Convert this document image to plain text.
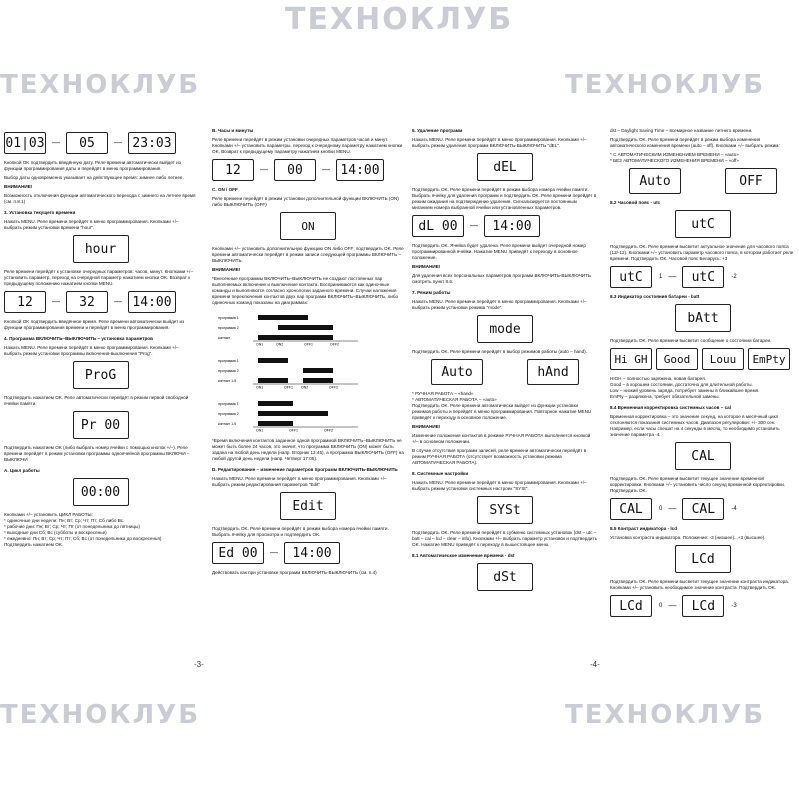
ТЕХНОКЛУБ
ТЕХНОКЛУБ	ТЕХНОКЛУБ
ТЕХНОКЛУБ	ТЕХНОКЛУБ
01|03 —	05	— 23:03

Кнопкой OK подтвердить введённую дату. Реле времени автоматически выйдет из функции программирования даты и перейдёт в меню программирования.

Выбор даты одновременно указывает на действующее время: зимнее либо летнее.

ВНИМАНИЕ!

Возможность отключения функции автоматического перехода с зимнего на летнее время (см. п.8.1)

3. Установка текущего времени

Нажать MENU. Реле времени перейдёт в меню программирования. Кнопками +/– выбрать режим установки времени "hour".

hour

Реле времени перейдёт к установке очередных параметров: часов, минут. Кнопками +/– установить параметр, переход на очередной параметр нажатием кнопки OK. Возврат к предыдущему положению нажатием кнопки MENU.

12	—	32	— 14:00

Кнопкой OK подтвердить введённое время. Реле времени автоматически выйдет из функции программирования времени и перейдёт в меню программирования.

4. Программа ВКЛЮЧИТЬ–ВЫКЛЮЧИТЬ – установка параметров

Нажать MENU. Реле времени перейдёт в меню программирования. Кнопками +/– выбрать режим установки программы включения-выключения "Prog".

ProG

Подтвердить нажатием OK. Реле автоматически перейдёт в режим первой свободной ячейки памяти.

Pr 00

Подтвердить нажатием OK (либо выбрать номер ячейки с помощью кнопок +/–). Реле времени перейдёт в режим установки программы одноячейной программы ВКЛЮЧИ – ВЫКЛЮЧИ

A. Цикл работы

00:00

Кнопками +/– установить ЦИКЛ РАБОТЫ:

* одиночные дни недели: Пн; Вт; Ср; Чт; Пт; Сб либо Вс.

* рабочие дни: Пн; Вт; Ср; Чт; Пт (от понедельника до пятницы)

* выходные дни Сб; Вс (субботы и воскресенье)

* ежедневно: Пн; Вт; Ср; Чт; Пт; Сб; Вс (от понедельника до воскресенья)

Подтвердить нажатием OK.

B. Часы и минуты

Реле времени перейдёт в режим установки очередных параметров часов и минут. Кнопками +/– установить параметры, переход к очередному параметру нажатием кнопки OK. Возврат к предыдущему параметру нажатием кнопки MENU.

12	—	00	— 14:00

C. ON / OFF

Реле времени перейдёт в режим установки дополнительной функции ВКЛЮЧИТЬ (ON) либо ВЫКЛЮЧИТЬ (OFF)

ON

Кнопками +/– установить дополнительную функцию ON либо OFF; подтвердить OK. Реле времени автоматически перейдёт в режим записи следующей программы ВКЛЮЧИТЬ – ВЫКЛЮЧИТЬ.

ВНИМАНИЕ!

*Внесённые программы ВКЛЮЧИТЬ–ВЫКЛЮЧИТЬ не создают постоянных пар выполняемых включение и выключение контакта. Воспринимаются как одиночные команды и выполняются согласно хронологии заданного времени. Случаи наложения времени переключения контактов двух пар программ ВКЛЮЧИТЬ–ВЫКЛЮЧИТЬ, либо одиночных команд показаны на диаграммах:

программа 1
программа 2
контакт
ON1	ON2	OFF1	OFF2

программа 1
программа 2
контакт 1-5
ON1	OFF1 ON2	OFF2

программа 1
программа 2
контакт 1-5
ON1	OFF1	OFF2

*Время включения контактов заданное одной программой ВКЛЮЧИТЬ–ВЫКЛЮЧИТЬ не может быть более 24 часов, это значит, что программа ВКЛЮЧИТЬ (ON) может быть задана на любой день недели (напр. Вторник 13:45), а программа ВЫКЛЮЧИТЬ (OFF) на любой другой день недели (напр. Четверг 17:05).

D. Редактирование – изменение параметров программ ВКЛЮЧИТЬ-ВЫКЛЮЧИТЬ

Нажать MENU. Реле времени перейдёт в меню программирования. Кнопками +/– выбрать режим редактирования параметров "Edit"

Edit

Подтвердить OK. Реле времени перейдёт в режим выбора номера ячейки памяти. Выбрать ячейку для просмотра и подтвердить OK.

Ed 00	—	14:00

Действовать как при установке программ ВКЛЮЧИТЬ-ВЫКЛЮЧИТЬ (см. п.4)

5. Удаление программ

Нажать MENU. Реле времени перейдёт в меню программирования. Кнопками +/– выбрать режим удаления программ ВКЛЮЧИТЬ-ВЫКЛЮЧИТЬ "dEL".

dEL

Подтвердить OK. Реле времени перейдёт в режим выбора номера ячейки памяти. Выбрать ячейку для удаления программ и подтвердить OK. Реле времени перейдёт в режим ожидания на подтверждение удаления. Сигнализируется постоянным миганием номера выбранной ячейки или установленных параметров.

dL 00	—	14:00

Подтвердить OK. Ячейка будет удалена. Реле времени выйдет очередной номер программированной ячейки. Нажатие MENU приведёт к переходу в основное положение.

ВНИМАНИЕ!

Для удаления всех персональных параметров программ ВКЛЮЧИТЬ-ВЫКЛЮЧИТЬ смотреть пункт 8.6.

7. Режим работы

Нажать MENU. Реле времени перейдёт в меню программирования. Кнопками +/– выбрать режим установки режима "mode".

mode

Подтвердить OK. Реле времени перейдёт в выбор режимов работы (auto – hand).

Auto	hAnd

* РУЧНАЯ РАБОТА – «hand»

* АВТОМАТИЧЕСКАЯ РАБОТА – «auto»

Подтвердить OK. Реле времени автоматически выйдет из функции установки режимов работы и перейдёт в меню программирования. Повторное нажатие MENU приведёт к переходу в основное положение.

ВНИМАНИЕ!

Изменение положения контактов в режиме РУЧНАЯ РАБОТА выполняется кнопкой +/– в основном положении.

В случае отсутствия программ записей, реле времени автоматически перейдёт в режим РУЧНАЯ РАБОТА (отсутствует возможность установки режима АВТОМАТИЧЕСКАЯ РАБОТА).

8. Системные настройки

Нажать MENU. Реле времени перейдёт в меню программирования. Кнопками +/– выбрать режим установки системных настроек "SYSt".

SYSt

Подтвердить OK. Реле времени перейдёт в субменю системных установок (dst – utc – batt – cal – lcd – clear – info). Кнопками +/– выбрать параметр установок и подтвердить OK. Нажатие MENU приведёт к переходу в вышестоящее меню.

8.1 Автоматическое изменение времени - dst

dSt

dst – Daylight Saving Time – всемирное название летнего времени.

Подтвердить OK. Реле времени перейдёт в режим выбора изменения автоматического изменения времени (auto – off). Кнопками +/– выбрать режим:

* С АВТОМАТИЧЕСКИМ ИЗМЕНЕНИЕМ ВРЕМЕНИ – «auto»

* БЕЗ АВТОМАТИЧЕСКОГО ИЗМЕНЕНИЯ ВРЕМЕНИ – «off»

Auto	OFF

8.2 Часовой пояс - utc

utC

Подтвердить OK. Реле времени высветит актуальное значение для часового пояса (12/-12). Кнопками +/– установить параметр часового пояса, в котором работает реле времени. Подтвердить OK. Часовой пояс Беларусь: +3

utC	1 —	utC	-2

8.3 Индикатор состояния батареи - batt

bAtt

Подтвердить OK. Реле времени высветит сообщение о состоянии батареи.

Hi GH	Good	Louu	EmPty

HIGH – полностью заряжена, новая батарея.

Good – в хорошем состоянии, достаточно для длительной работы.

Low – низкий уровень заряда, потребует замены в ближайшее время.

EmPty – разряжена, требует обязательной замены.

8.4 Временная корректировка системных часов – cal

Временная корректировка – это значение секунд, на которое в месячный цикл отклоняются показания системных часов. Диапазон регулировки: +/- 300 сек. Например, если часы спешат на 4 секунды в месяц, то необходимо установить значение параметра -4.

CAL

Подтвердить OK. Реле времени высветит текущее значение временной корректировки. Кнопками +/– установить число секунд временной корректировки. Подтвердить OK.

CAL	0 —	CAL	-4

8.5 Контраст индикатора - lcd

Установка контраста индикатора. Положение: -3 (низшее)...+3 (высшее).

LCd

Подтвердить OK. Реле времени высветит текущее значение контраста индикатора. Кнопками +/– установить необходимое значение контраста. Подтвердить OK.

LCd	0 —	LCd	-3
-3-	-4-
